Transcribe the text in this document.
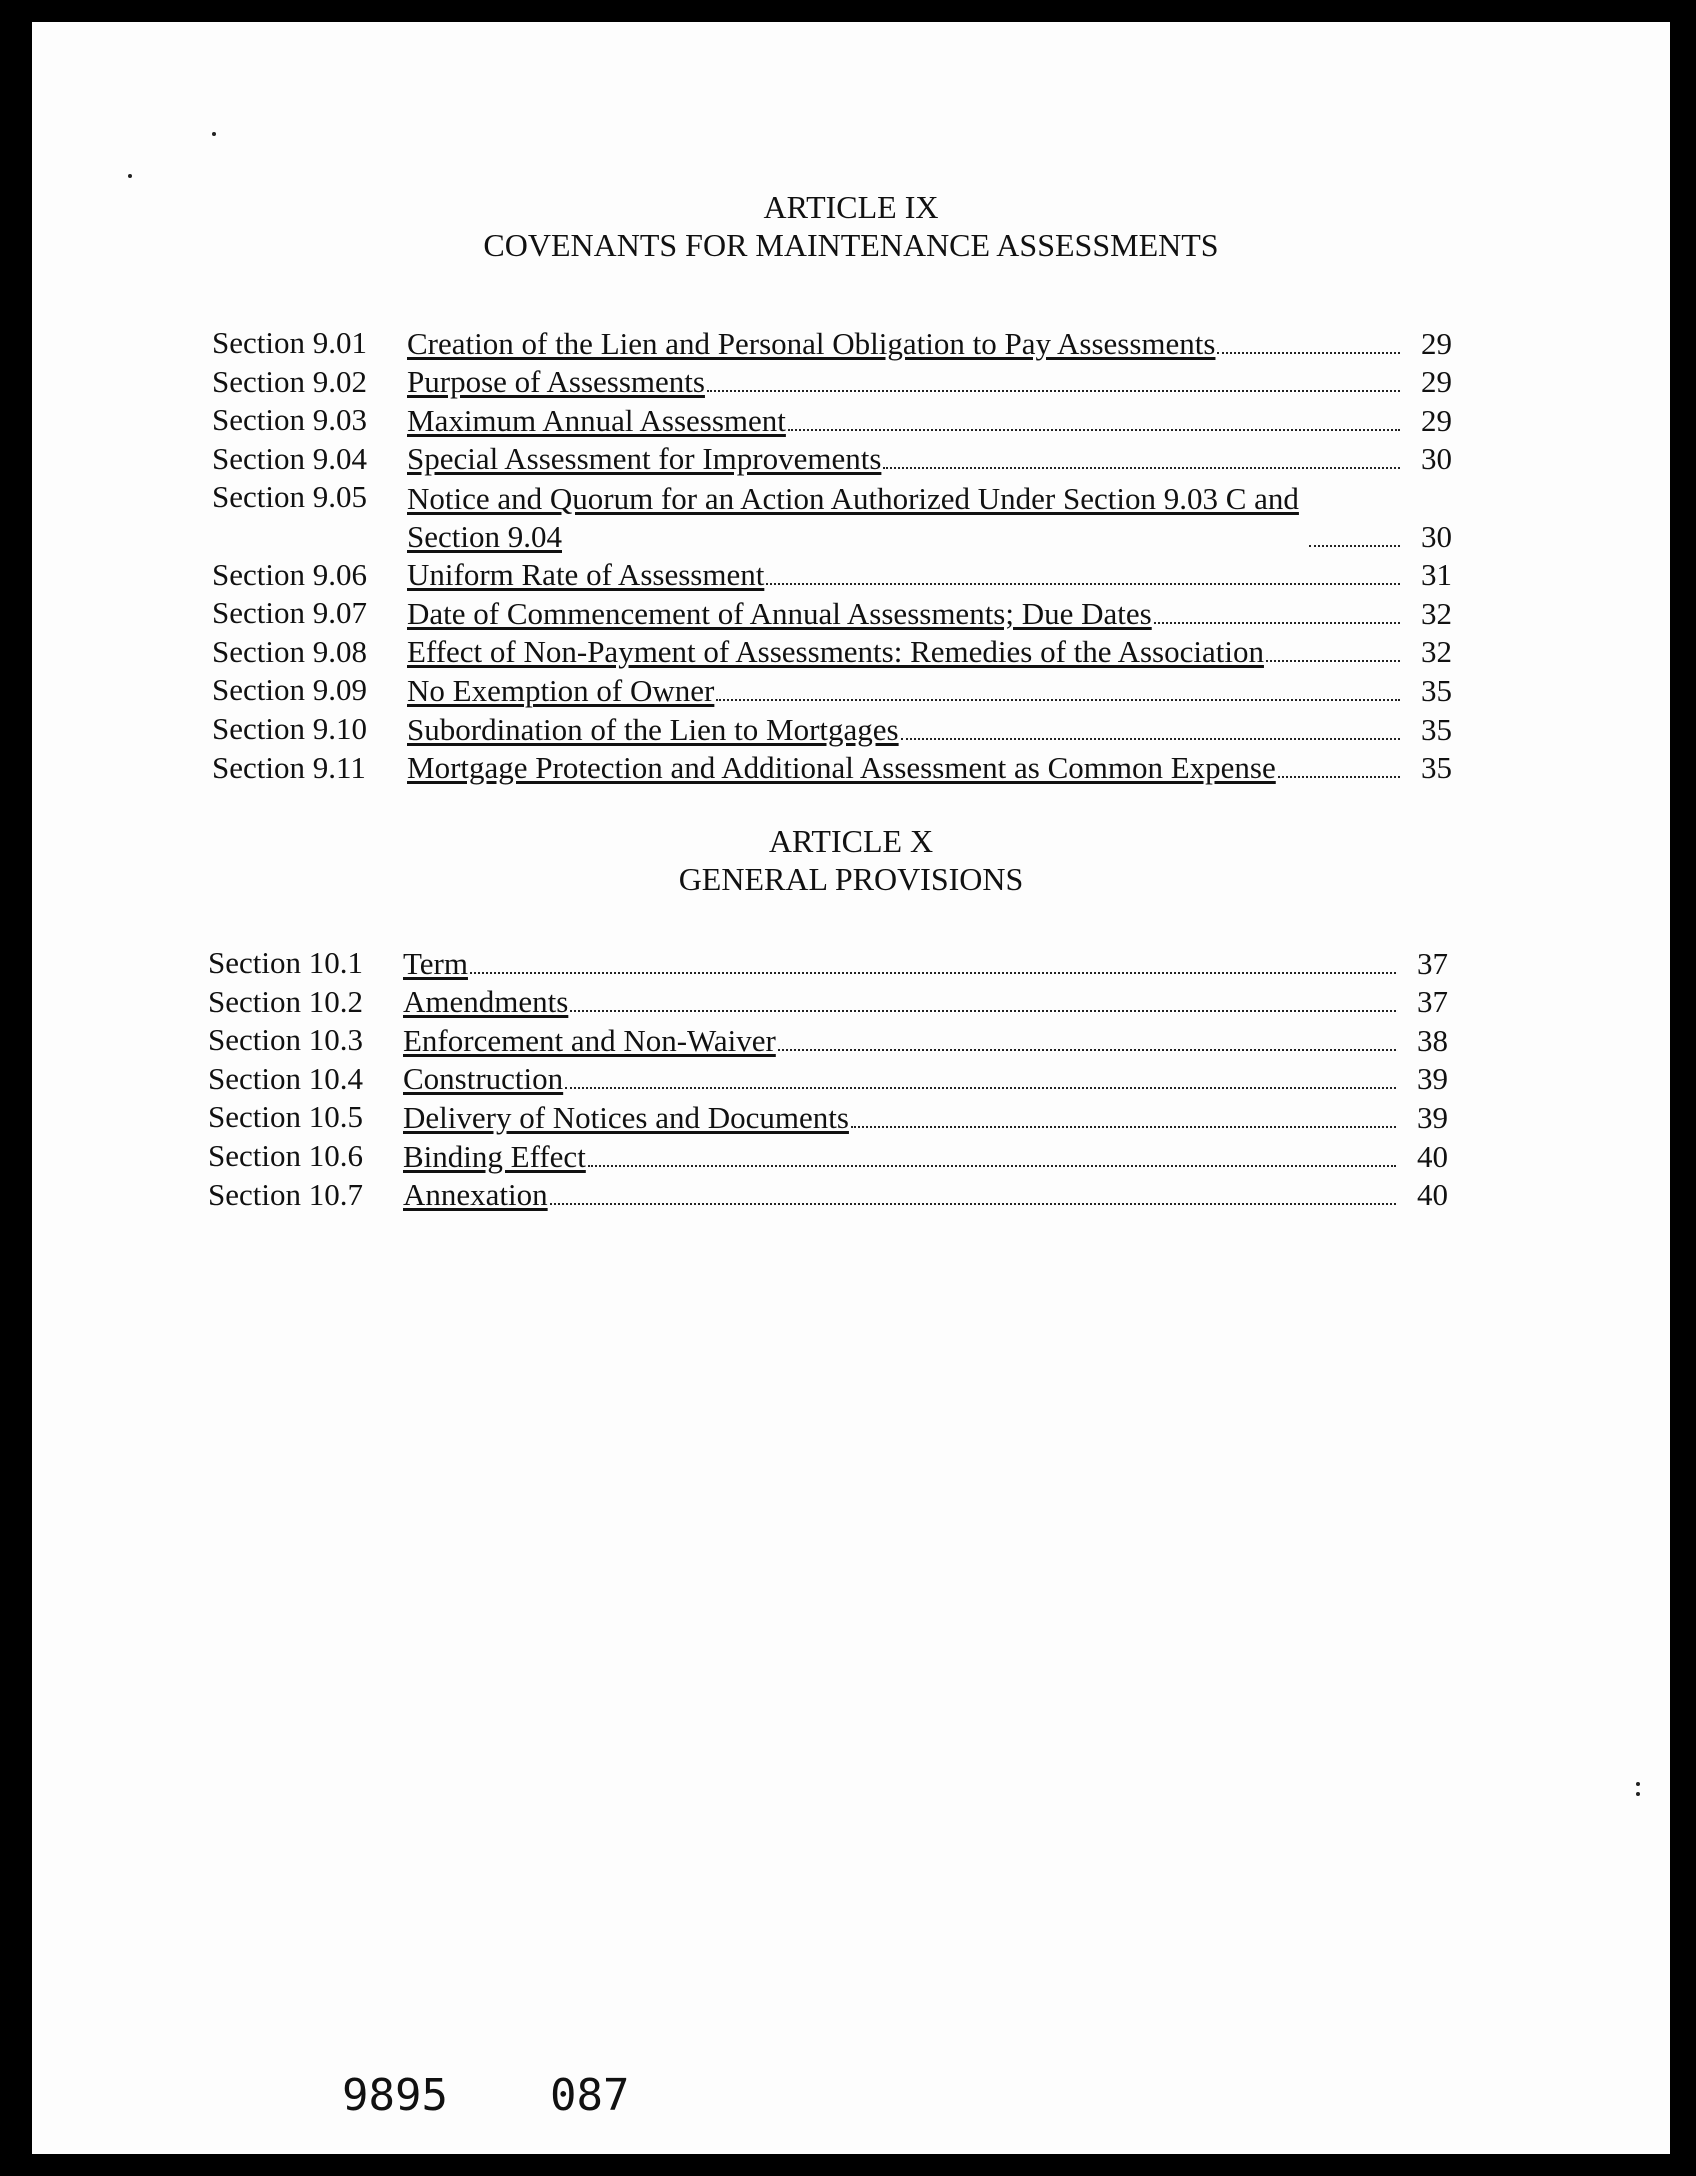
ARTICLE IX
COVENANTS FOR MAINTENANCE ASSESSMENTS
Section 9.01	Creation of the Lien and Personal Obligation to Pay Assessments	29
Section 9.02	Purpose of Assessments	29
Section 9.03	Maximum Annual Assessment	29
Section 9.04	Special Assessment for Improvements	30
Section 9.05	Notice and Quorum for an Action Authorized Under Section 9.03 C and Section 9.04	30
Section 9.06	Uniform Rate of Assessment	31
Section 9.07	Date of Commencement of Annual Assessments; Due Dates	32
Section 9.08	Effect of Non-Payment of Assessments: Remedies of the Association	32
Section 9.09	No Exemption of Owner	35
Section 9.10	Subordination of the Lien to Mortgages	35
Section 9.11	Mortgage Protection and Additional Assessment as Common Expense	35
ARTICLE X
GENERAL PROVISIONS
Section 10.1	Term	37
Section 10.2	Amendments	37
Section 10.3	Enforcement and Non-Waiver	38
Section 10.4	Construction	39
Section 10.5	Delivery of Notices and Documents	39
Section 10.6	Binding Effect	40
Section 10.7	Annexation	40
9895 087
